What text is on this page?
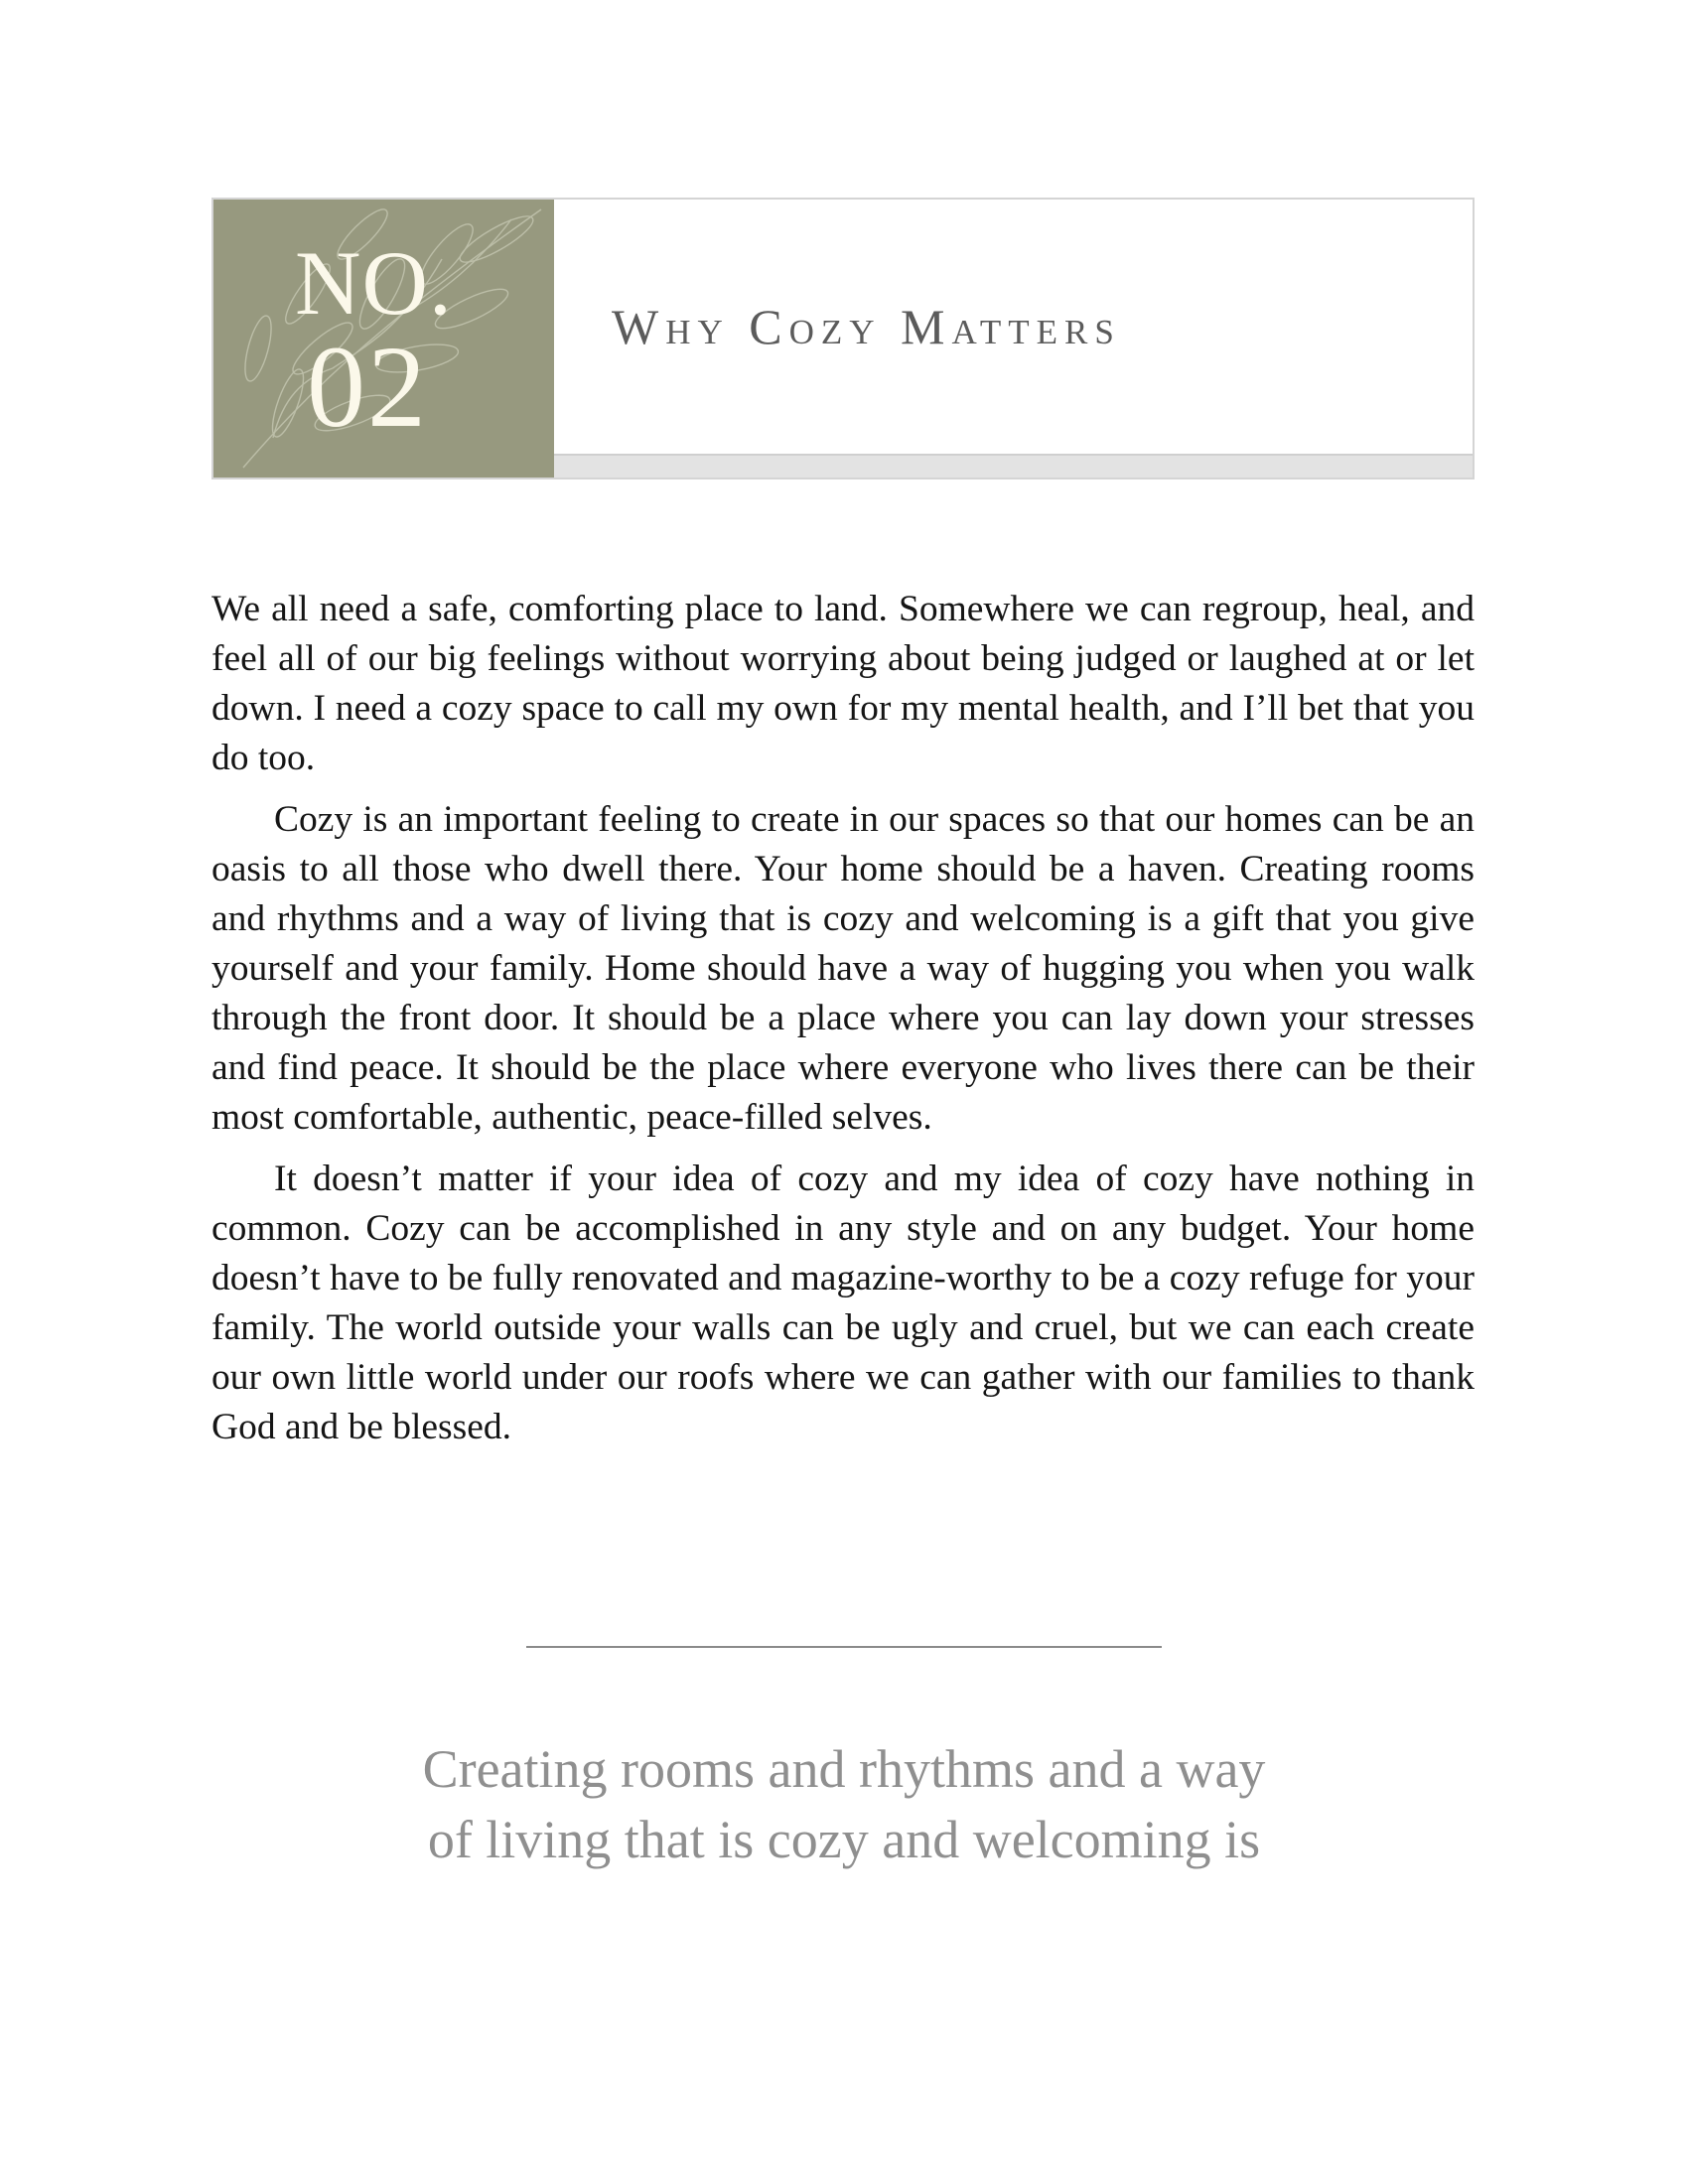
NO.
02	Why Cozy Matters

We all need a safe, comforting place to land. Somewhere we can regroup, heal, and feel all of our big feelings without worrying about being judged or laughed at or let down. I need a cozy space to call my own for my mental health, and I’ll bet that you do too.

Cozy is an important feeling to create in our spaces so that our homes can be an oasis to all those who dwell there. Your home should be a haven. Creating rooms and rhythms and a way of living that is cozy and welcoming is a gift that you give yourself and your family. Home should have a way of hugging you when you walk through the front door. It should be a place where you can lay down your stresses and find peace. It should be the place where everyone who lives there can be their most comfortable, authentic, peace-filled selves.

It doesn’t matter if your idea of cozy and my idea of cozy have nothing in common. Cozy can be accomplished in any style and on any budget. Your home doesn’t have to be fully renovated and magazine-worthy to be a cozy refuge for your family. The world outside your walls can be ugly and cruel, but we can each create our own little world under our roofs where we can gather with our families to thank God and be blessed.

Creating rooms and rhythms and a way
of living that is cozy and welcoming is
